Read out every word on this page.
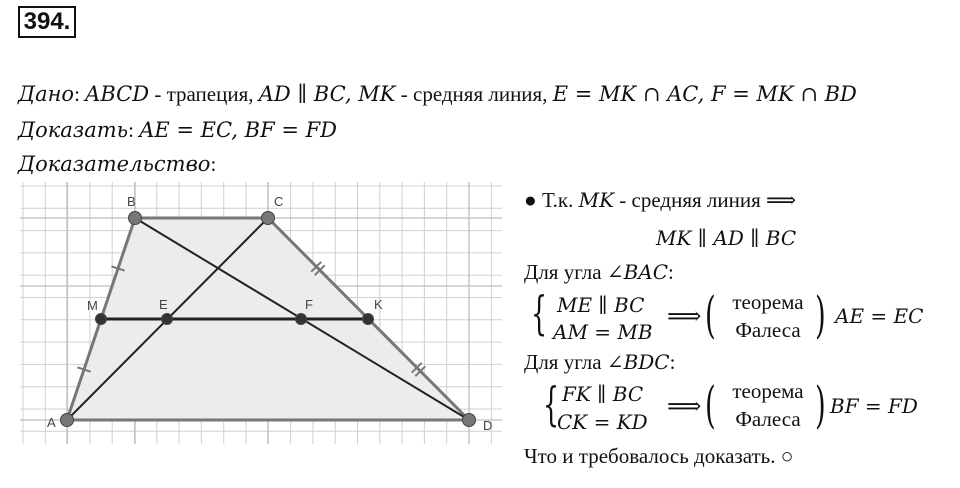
394.
Дано: ABCD - трапеция, AD ∥ BC, MK - средняя линия, E = MK ∩ AC, F = MK ∩ BD
Доказать: AE = EC, BF = FD
Доказательство:
A
B	C
D
M	E	F	K
● Т.к. MK - средняя линия ⟹
MK ∥ AD ∥ BC
Для угла ∠BAC:
{ ME ∥ BC
AM = MB
⟹ ( теорема
Фалеса ) AE = EC
Для угла ∠BDC:
{ FK ∥ BC
CK = KD
⟹ ( теорема
Фалеса ) BF = FD
Что и требовалось доказать. ○
